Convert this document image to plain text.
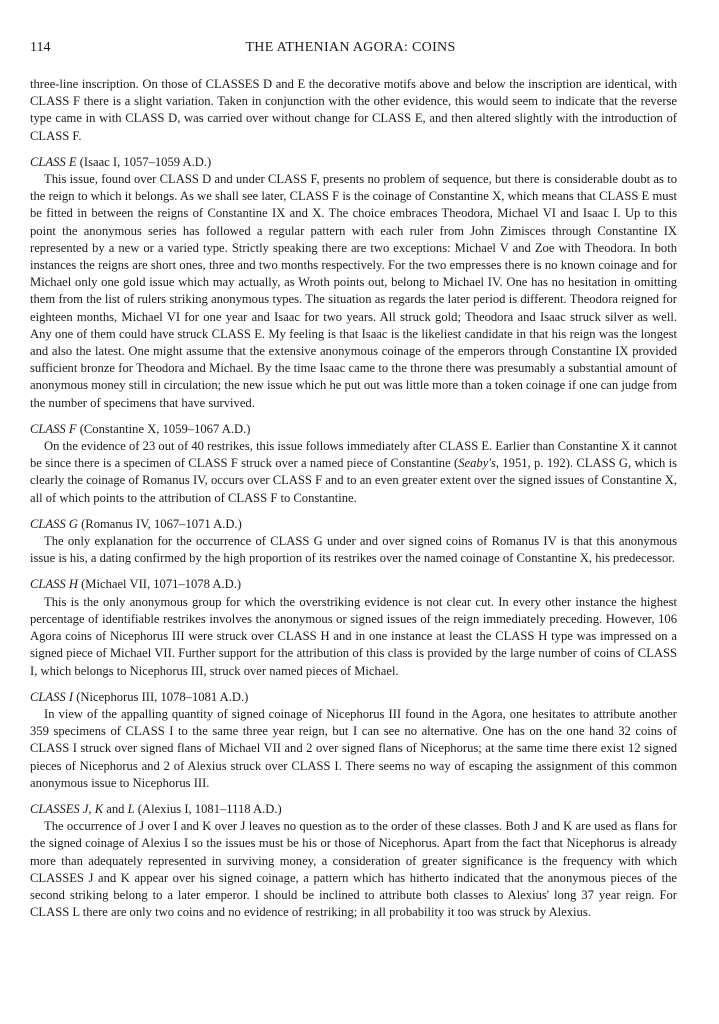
114	THE ATHENIAN AGORA: COINS

three-line inscription. On those of CLASSES D and E the decorative motifs above and below the inscription are identical, with CLASS F there is a slight variation. Taken in conjunction with the other evidence, this would seem to indicate that the reverse type came in with CLASS D, was carried over without change for CLASS E, and then altered slightly with the introduction of CLASS F.

CLASS E (Isaac I, 1057–1059 A.D.)

This issue, found over CLASS D and under CLASS F, presents no problem of sequence, but there is considerable doubt as to the reign to which it belongs. As we shall see later, CLASS F is the coinage of Constantine X, which means that CLASS E must be fitted in between the reigns of Constantine IX and X. The choice embraces Theodora, Michael VI and Isaac I. Up to this point the anonymous series has followed a regular pattern with each ruler from John Zimisces through Constantine IX represented by a new or a varied type. Strictly speaking there are two exceptions: Michael V and Zoe with Theodora. In both instances the reigns are short ones, three and two months respectively. For the two empresses there is no known coinage and for Michael only one gold issue which may actually, as Wroth points out, belong to Michael IV. One has no hesitation in omitting them from the list of rulers striking anonymous types. The situation as regards the later period is different. Theodora reigned for eighteen months, Michael VI for one year and Isaac for two years. All struck gold; Theodora and Isaac struck silver as well. Any one of them could have struck CLASS E. My feeling is that Isaac is the likeliest candidate in that his reign was the longest and also the latest. One might assume that the extensive anonymous coinage of the emperors through Constantine IX provided sufficient bronze for Theodora and Michael. By the time Isaac came to the throne there was presumably a substantial amount of anonymous money still in circulation; the new issue which he put out was little more than a token coinage if one can judge from the number of specimens that have survived.

CLASS F (Constantine X, 1059–1067 A.D.)

On the evidence of 23 out of 40 restrikes, this issue follows immediately after CLASS E. Earlier than Constantine X it cannot be since there is a specimen of CLASS F struck over a named piece of Constantine (Seaby's, 1951, p. 192). CLASS G, which is clearly the coinage of Romanus IV, occurs over CLASS F and to an even greater extent over the signed issues of Constantine X, all of which points to the attribution of CLASS F to Constantine.

CLASS G (Romanus IV, 1067–1071 A.D.)

The only explanation for the occurrence of CLASS G under and over signed coins of Romanus IV is that this anonymous issue is his, a dating confirmed by the high proportion of its restrikes over the named coinage of Constantine X, his predecessor.

CLASS H (Michael VII, 1071–1078 A.D.)

This is the only anonymous group for which the overstriking evidence is not clear cut. In every other instance the highest percentage of identifiable restrikes involves the anonymous or signed issues of the reign immediately preceding. However, 106 Agora coins of Nicephorus III were struck over CLASS H and in one instance at least the CLASS H type was impressed on a signed piece of Michael VII. Further support for the attribution of this class is provided by the large number of coins of CLASS I, which belongs to Nicephorus III, struck over named pieces of Michael.

CLASS I (Nicephorus III, 1078–1081 A.D.)

In view of the appalling quantity of signed coinage of Nicephorus III found in the Agora, one hesitates to attribute another 359 specimens of CLASS I to the same three year reign, but I can see no alternative. One has on the one hand 32 coins of CLASS I struck over signed flans of Michael VII and 2 over signed flans of Nicephorus; at the same time there exist 12 signed pieces of Nicephorus and 2 of Alexius struck over CLASS I. There seems no way of escaping the assignment of this common anonymous issue to Nicephorus III.

CLASSES J, K and L (Alexius I, 1081–1118 A.D.)

The occurrence of J over I and K over J leaves no question as to the order of these classes. Both J and K are used as flans for the signed coinage of Alexius I so the issues must be his or those of Nicephorus. Apart from the fact that Nicephorus is already more than adequately represented in surviving money, a consideration of greater significance is the frequency with which CLASSES J and K appear over his signed coinage, a pattern which has hitherto indicated that the anonymous pieces of the second striking belong to a later emperor. I should be inclined to attribute both classes to Alexius' long 37 year reign. For CLASS L there are only two coins and no evidence of restriking; in all probability it too was struck by Alexius.
